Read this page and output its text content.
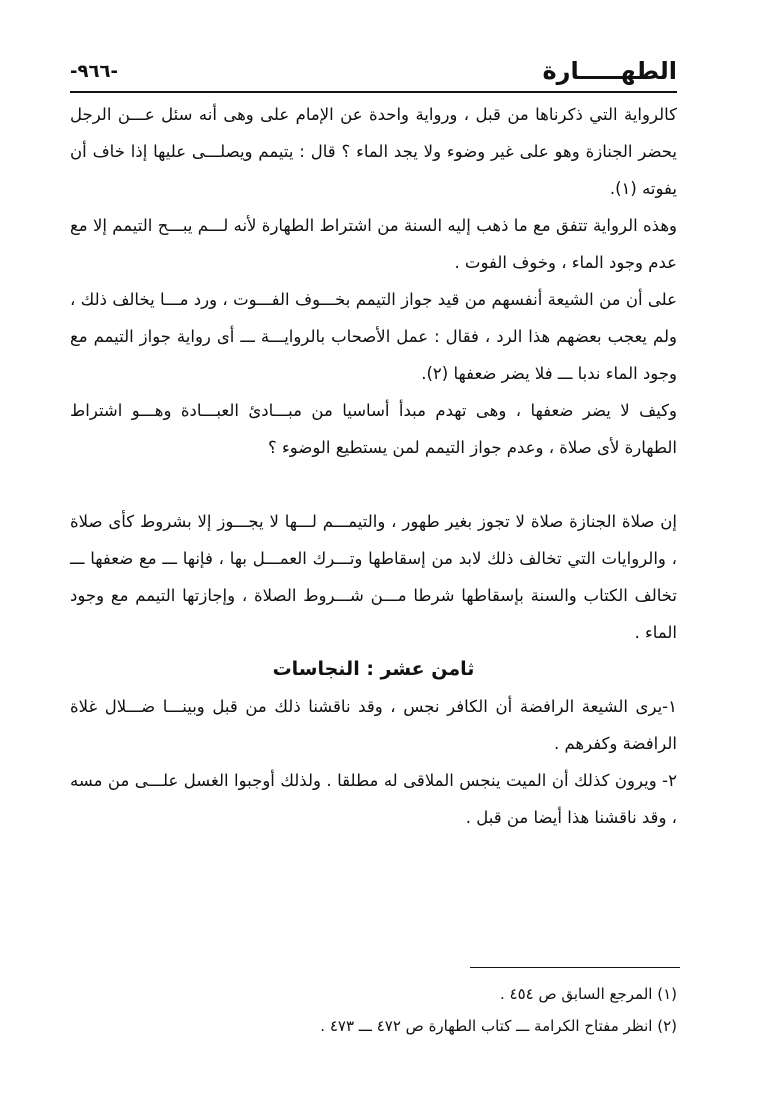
الطهـــــارة
-٩٦٦-

كالرواية التي ذكرناها من قبل ، ورواية واحدة عن الإمام على وهى أنه سئل عـــن الرجل يحضر الجنازة وهو على غير وضوء ولا يجد الماء ؟ قال : يتيمم ويصلـــى عليها إذا خاف أن يفوته (١).

وهذه الرواية تتفق مع ما ذهب إليه السنة من اشتراط الطهارة لأنه لـــم يبـــح التيمم إلا مع عدم وجود الماء ، وخوف الفوت .

على أن من الشيعة أنفسهم من قيد جواز التيمم بخـــوف الفـــوت ، ورد مـــا يخالف ذلك ، ولم يعجب بعضهم هذا الرد ، فقال : عمل الأصحاب بالروايـــة ـــ أى رواية جواز التيمم مع وجود الماء ندبا ـــ فلا يضر ضعفها (٢).

وكيف لا يضر ضعفها ، وهى تهدم مبدأ أساسيا من مبـــادئ العبـــادة وهـــو اشتراط الطهارة لأى صلاة ، وعدم جواز التيمم لمن يستطيع الوضوء ؟

إن صلاة الجنازة صلاة لا تجوز بغير طهور ، والتيمـــم لـــها لا يجـــوز إلا بشروط كأى صلاة ، والروايات التي تخالف ذلك لابد من إسقاطها وتـــرك العمـــل بها ، فإنها ـــ مع ضعفها ـــ تخالف الكتاب والسنة بإسقاطها شرطا مـــن شـــروط الصلاة ، وإجازتها التيمم مع وجود الماء .

ثامن عشر : النجاسات

١-يرى الشيعة الرافضة أن الكافر نجس ، وقد ناقشنا ذلك من قبل وبينـــا ضـــلال غلاة الرافضة وكفرهم .

٢- ويرون كذلك أن الميت ينجس الملاقى له مطلقا . ولذلك أوجبوا الغسل علـــى من مسه ، وقد ناقشنا هذا أيضا من قبل .

(١) المرجع السابق ص ٤٥٤ .

(٢) انظر مفتاح الكرامة ـــ كتاب الطهارة ص ٤٧٢ ـــ ٤٧٣ .
